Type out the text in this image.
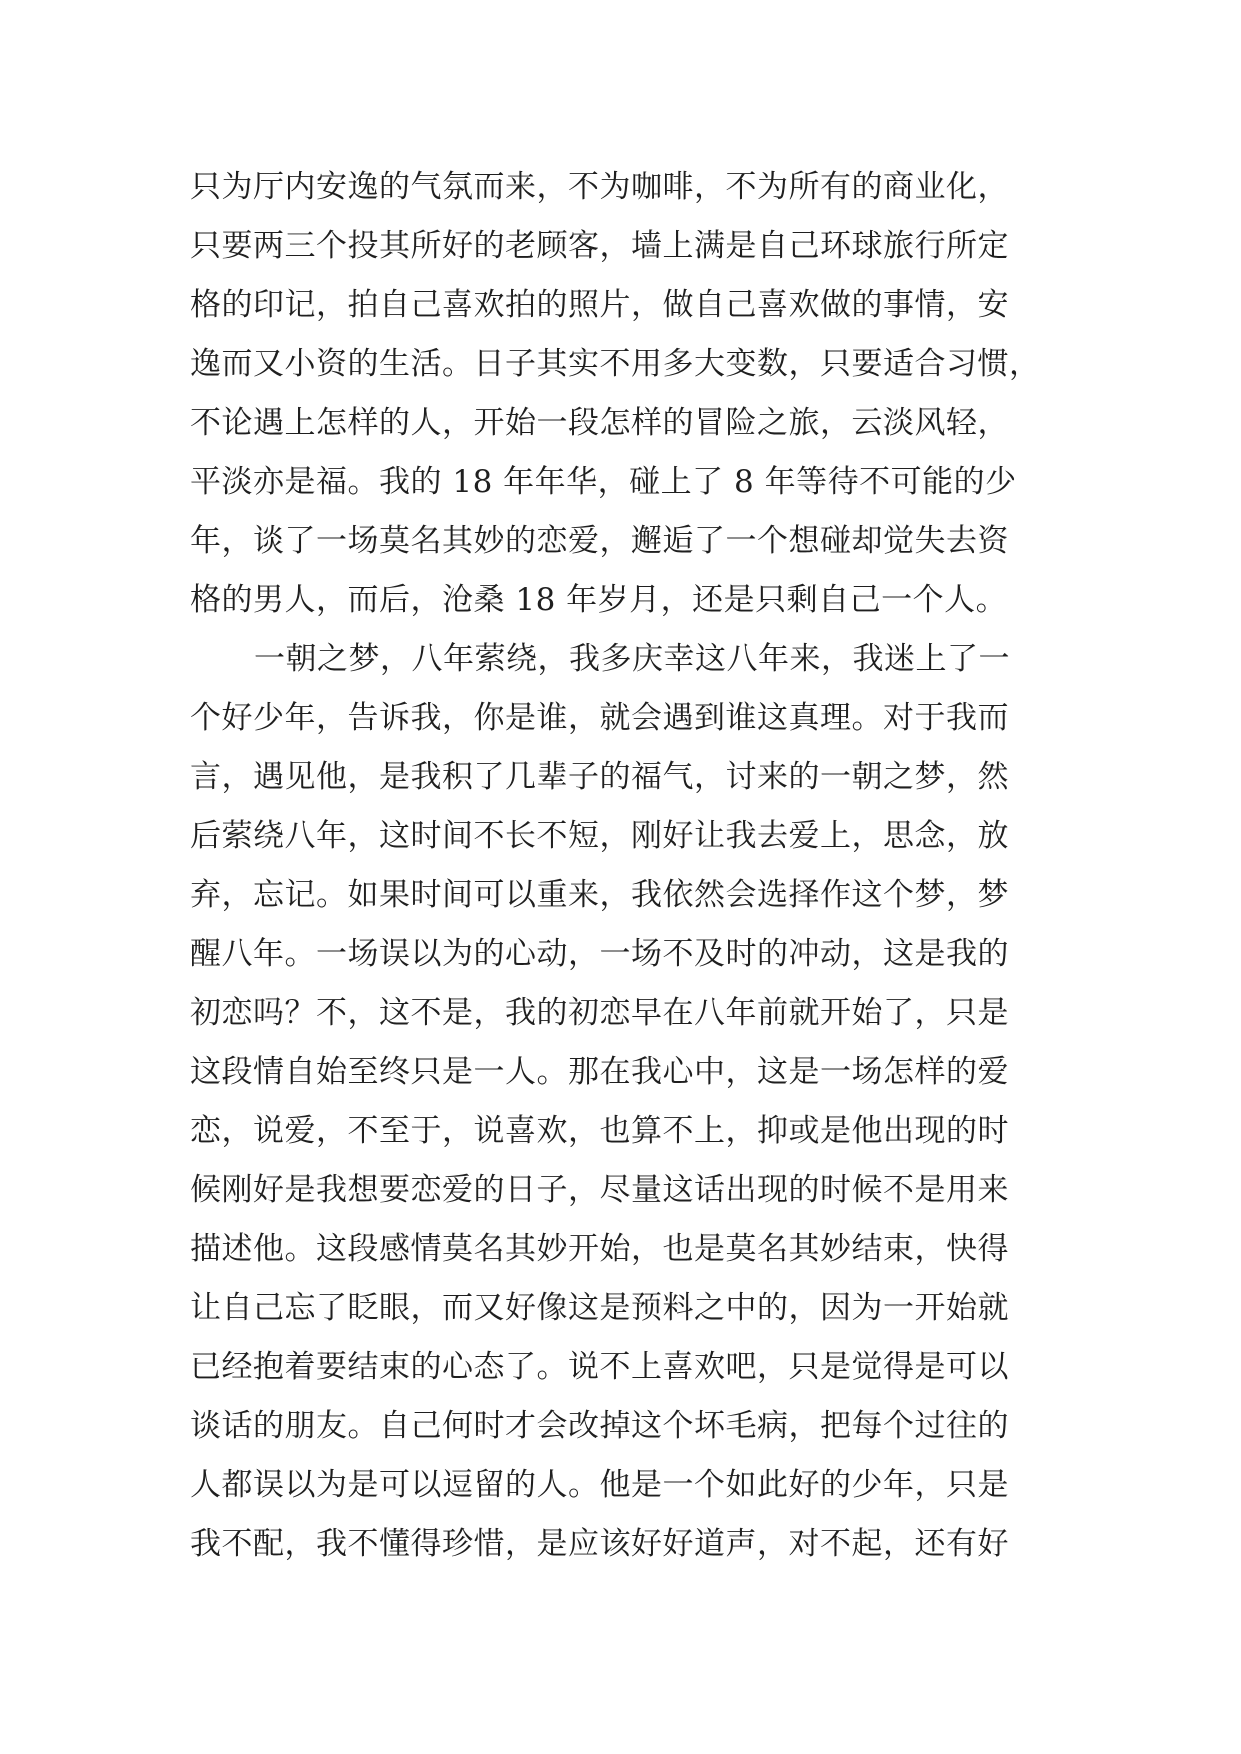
只为厅内安逸的气氛而来，不为咖啡，不为所有的商业化，
只要两三个投其所好的老顾客，墙上满是自己环球旅行所定
格的印记，拍自己喜欢拍的照片，做自己喜欢做的事情，安
逸而又小资的生活。日子其实不用多大变数，只要适合习惯，
不论遇上怎样的人，开始一段怎样的冒险之旅，云淡风轻，
平淡亦是福。我的 18 年年华，碰上了 8 年等待不可能的少
年，谈了一场莫名其妙的恋爱，邂逅了一个想碰却觉失去资
格的男人，而后，沧桑 18 年岁月，还是只剩自己一个人。
一朝之梦，八年萦绕，我多庆幸这八年来，我迷上了一
个好少年，告诉我，你是谁，就会遇到谁这真理。对于我而
言，遇见他，是我积了几辈子的福气，讨来的一朝之梦，然
后萦绕八年，这时间不长不短，刚好让我去爱上，思念，放
弃，忘记。如果时间可以重来，我依然会选择作这个梦，梦
醒八年。一场误以为的心动，一场不及时的冲动，这是我的
初恋吗？不，这不是，我的初恋早在八年前就开始了，只是
这段情自始至终只是一人。那在我心中，这是一场怎样的爱
恋，说爱，不至于，说喜欢，也算不上，抑或是他出现的时
候刚好是我想要恋爱的日子，尽量这话出现的时候不是用来
描述他。这段感情莫名其妙开始，也是莫名其妙结束，快得
让自己忘了眨眼，而又好像这是预料之中的，因为一开始就
已经抱着要结束的心态了。说不上喜欢吧，只是觉得是可以
谈话的朋友。自己何时才会改掉这个坏毛病，把每个过往的
人都误以为是可以逗留的人。他是一个如此好的少年，只是
我不配，我不懂得珍惜，是应该好好道声，对不起，还有好
